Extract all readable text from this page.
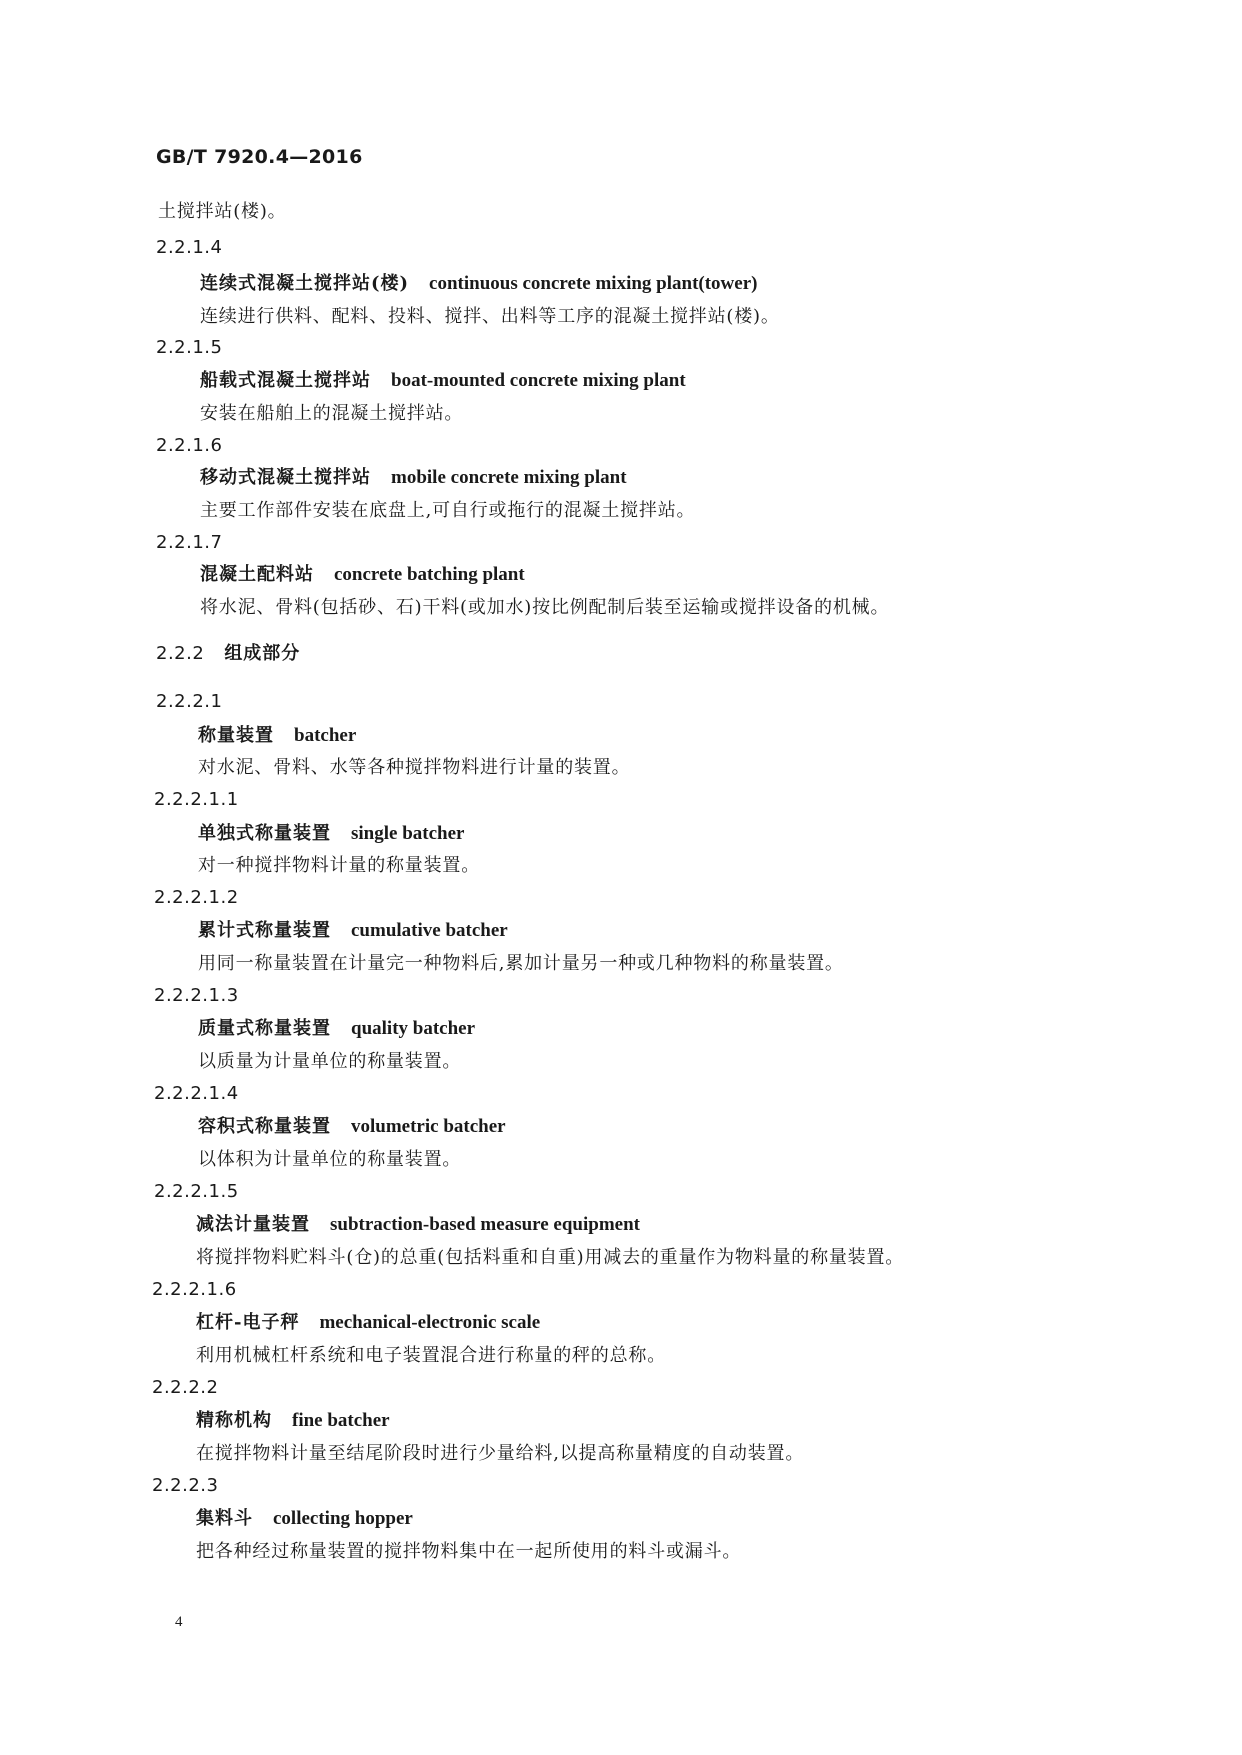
GB/T 7920.4—2016
土搅拌站(楼)。
2.2.1.4
连续式混凝土搅拌站(楼) continuous concrete mixing plant(tower)
连续进行供料、配料、投料、搅拌、出料等工序的混凝土搅拌站(楼)。
2.2.1.5
船载式混凝土搅拌站 boat-mounted concrete mixing plant
安装在船舶上的混凝土搅拌站。
2.2.1.6
移动式混凝土搅拌站 mobile concrete mixing plant
主要工作部件安装在底盘上,可自行或拖行的混凝土搅拌站。
2.2.1.7
混凝土配料站 concrete batching plant
将水泥、骨料(包括砂、石)干料(或加水)按比例配制后装至运输或搅拌设备的机械。
2.2.2 组成部分
2.2.2.1
称量装置 batcher
对水泥、骨料、水等各种搅拌物料进行计量的装置。
2.2.2.1.1
单独式称量装置 single batcher
对一种搅拌物料计量的称量装置。
2.2.2.1.2
累计式称量装置 cumulative batcher
用同一称量装置在计量完一种物料后,累加计量另一种或几种物料的称量装置。
2.2.2.1.3
质量式称量装置 quality batcher
以质量为计量单位的称量装置。
2.2.2.1.4
容积式称量装置 volumetric batcher
以体积为计量单位的称量装置。
2.2.2.1.5
减法计量装置 subtraction-based measure equipment
将搅拌物料贮料斗(仓)的总重(包括料重和自重)用减去的重量作为物料量的称量装置。
2.2.2.1.6
杠杆-电子秤 mechanical-electronic scale
利用机械杠杆系统和电子装置混合进行称量的秤的总称。
2.2.2.2
精称机构 fine batcher
在搅拌物料计量至结尾阶段时进行少量给料,以提高称量精度的自动装置。
2.2.2.3
集料斗 collecting hopper
把各种经过称量装置的搅拌物料集中在一起所使用的料斗或漏斗。
4
